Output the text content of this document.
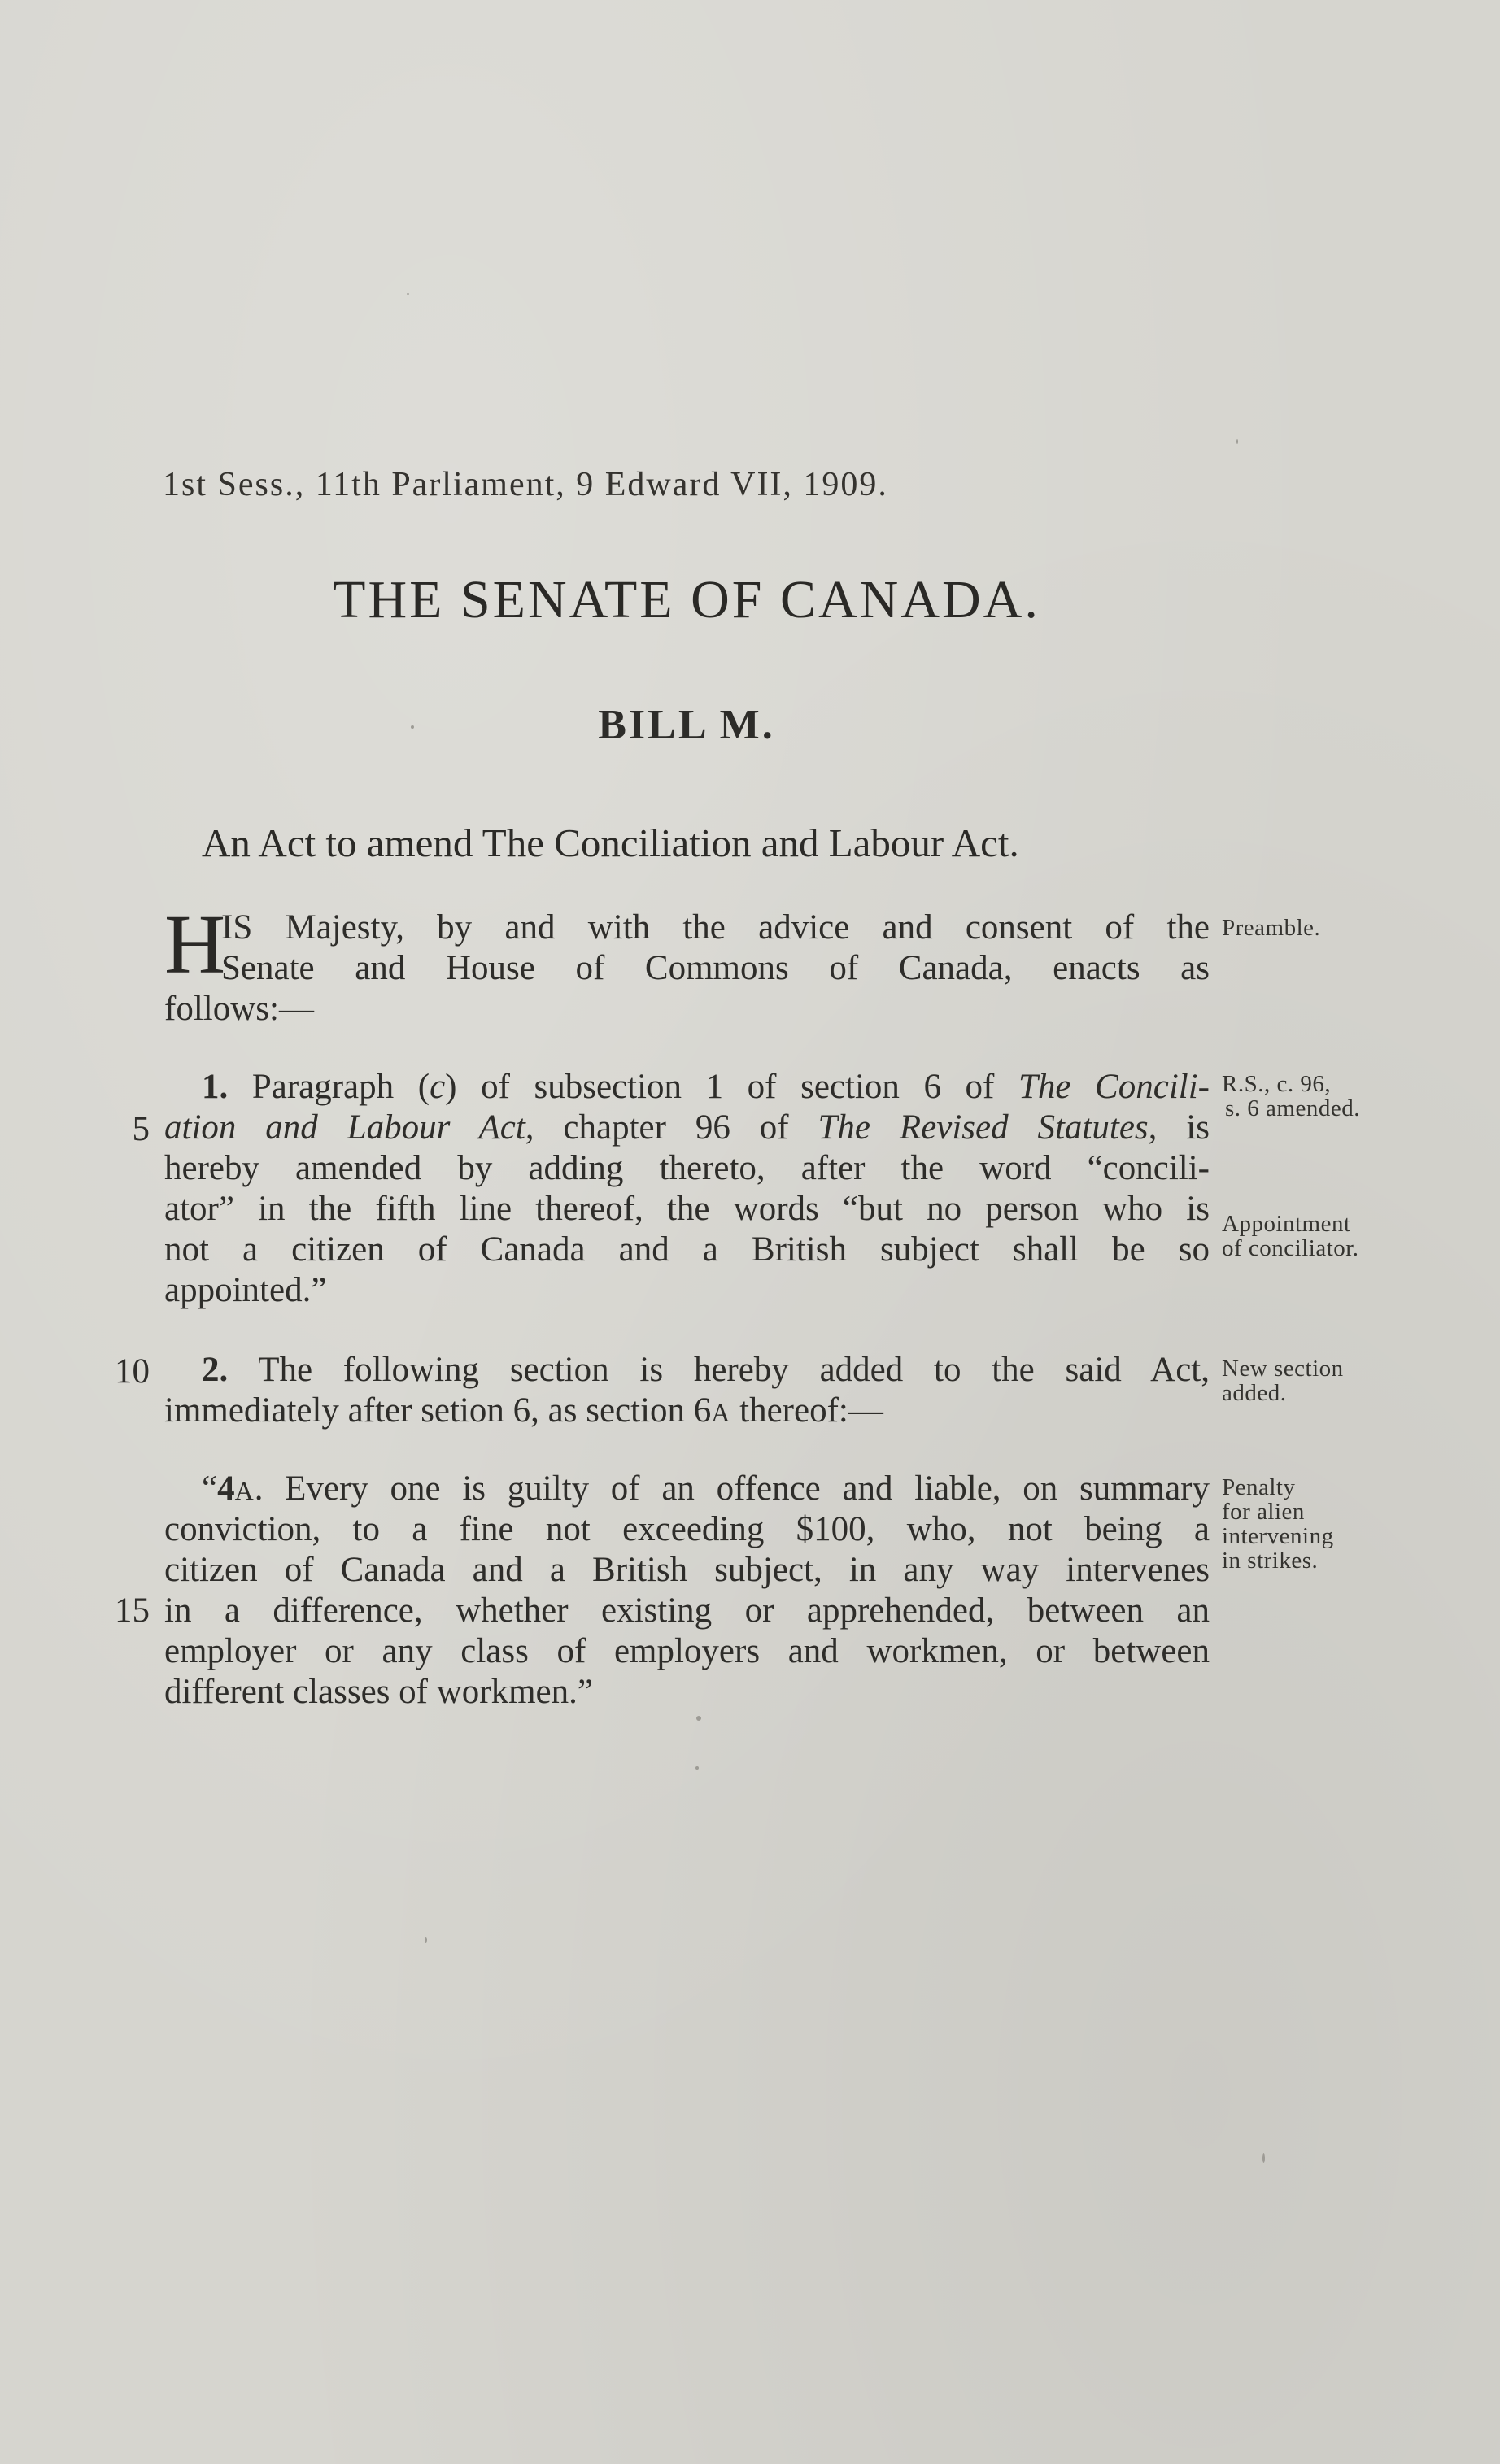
1st Sess., 11th Parliament, 9 Edward VII, 1909.
THE SENATE OF CANADA.
BILL M.
An Act to amend The Conciliation and Labour Act.
H
IS Majesty, by and with the advice and consent of the
Senate and House of Commons of Canada, enacts as
follows:—
Preamble.
1. Paragraph (c) of subsection 1 of section 6 of The Concili-
ation and Labour Act, chapter 96 of The Revised Statutes, is
hereby amended by adding thereto, after the word “concili-
ator” in the fifth line thereof, the words “but no person who is
not a citizen of Canada and a British subject shall be so
appointed.”
R.S., c. 96,
s. 6 amended.
Appointment
of conciliator.
5
2. The following section is hereby added to the said Act,
immediately after setion 6, as section 6A thereof:—
New section
added.
10
“4A. Every one is guilty of an offence and liable, on summary
conviction, to a fine not exceeding $100, who, not being a
citizen of Canada and a British subject, in any way intervenes
in a difference, whether existing or apprehended, between an
employer or any class of employers and workmen, or between
different classes of workmen.”
Penalty
for alien
intervening
in strikes.
15
